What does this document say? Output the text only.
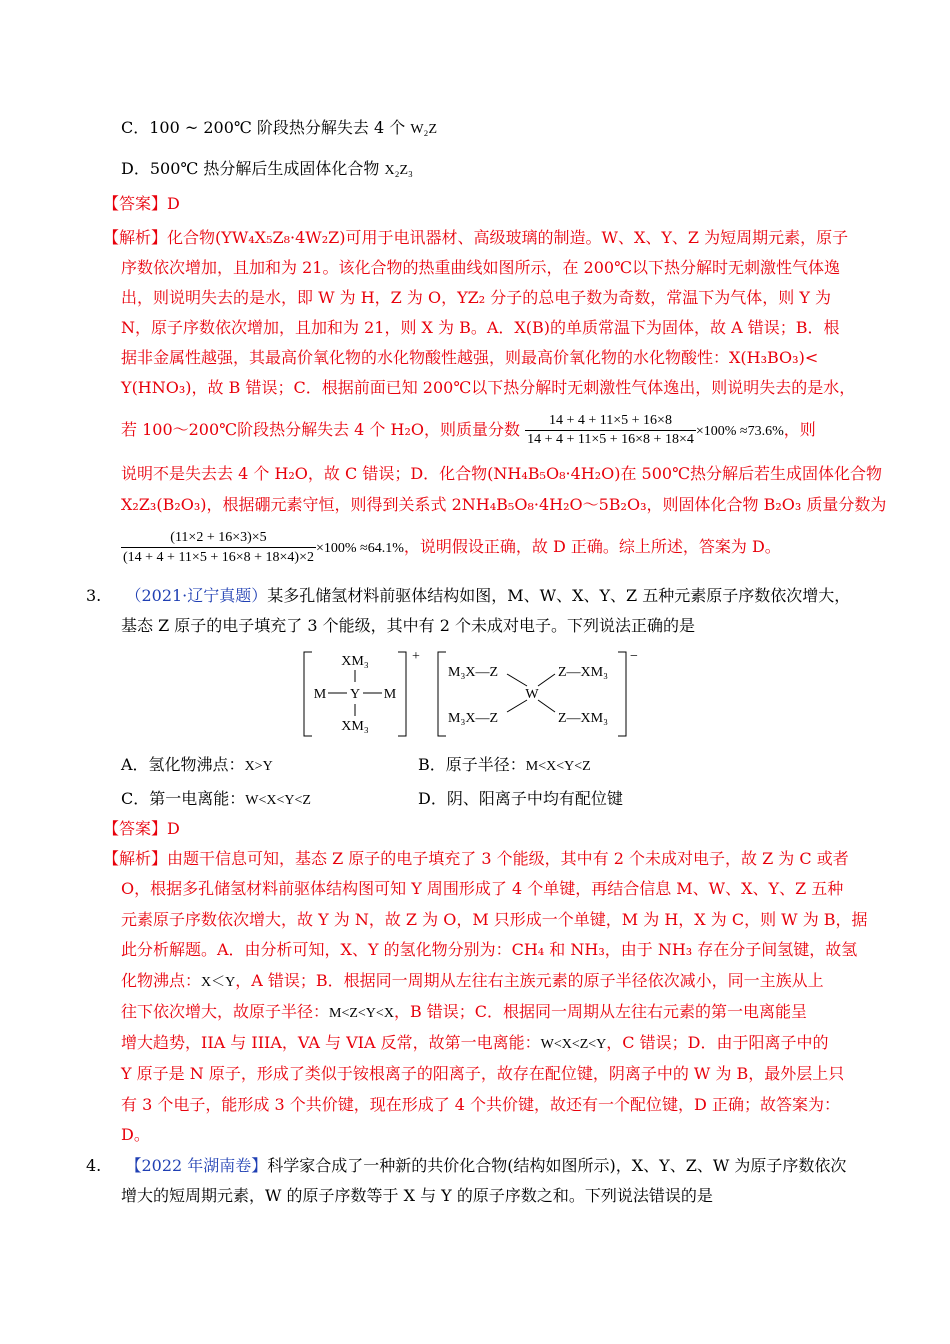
C．100 ~ 200℃ 阶段热分解失去 4 个 W₂Z
D．500℃ 热分解后生成固体化合物 X₂Z₃
【答案】D
【解析】化合物(YW₄X₅Z₈·4W₂Z)可用于电讯器材、高级玻璃的制造。W、X、Y、Z 为短周期元素，原子
序数依次增加，且加和为 21。该化合物的热重曲线如图所示，在 200℃以下热分解时无刺激性气体逸
出，则说明失去的是水，即 W 为 H，Z 为 O，YZ₂ 分子的总电子数为奇数，常温下为气体，则 Y 为
N，原子序数依次增加，且加和为 21，则 X 为 B。A．X(B)的单质常温下为固体，故 A 错误；B．根
据非金属性越强，其最高价氧化物的水化物酸性越强，则最高价氧化物的水化物酸性：X(H₃BO₃)<
Y(HNO₃)，故 B 错误；C．根据前面已知 200℃以下热分解时无刺激性气体逸出，则说明失去的是水，
若 100～200℃阶段热分解失去 4 个 H₂O，则质量分数 $\frac{14 + 4 + 11\times 5 + 16\times 8}{14 + 4 + 11\times 5 + 16\times 8 + 18\times 4} \times 100\% \approx 73.6\%$，则
说明不是失去去 4 个 H₂O，故 C 错误；D．化合物(NH₄B₅O₈·4H₂O)在 500℃热分解后若生成固体化合物
X₂Z₃(B₂O₃)，根据硼元素守恒，则得到关系式 2NH₄B₅O₈·4H₂O～5B₂O₃，则固体化合物 B₂O₃ 质量分数为
$\frac{(11\times 2 + 16\times 3)\times 5}{(14 + 4 + 11\times 5 + 16\times 8 + 18\times 4)\times 2} \times 100\% \approx 64.1\%$，说明假设正确，故 D 正确。综上所述，答案为 D。
3. （2021·辽宁真题）某多孔储氢材料前驱体结构如图，M、W、X、Y、Z 五种元素原子序数依次增大，
基态 Z 原子的电子填充了 3 个能级，其中有 2 个未成对电子。下列说法正确的是
XM₃
M Y M
XM₃
+
M₃X—Z	Z—XM₃
W
M₃X—Z	Z—XM₃
−
A．氢化物沸点：X>Y	B．原子半径：M<X<Y<Z
C．第一电离能：W<X<Y<Z	D．阴、阳离子中均有配位键
【答案】D
【解析】由题干信息可知，基态 Z 原子的电子填充了 3 个能级，其中有 2 个未成对电子，故 Z 为 C 或者
O，根据多孔储氢材料前驱体结构图可知 Y 周围形成了 4 个单键，再结合信息 M、W、X、Y、Z 五种
元素原子序数依次增大，故 Y 为 N，故 Z 为 O，M 只形成一个单键，M 为 H，X 为 C，则 W 为 B，据
此分析解题。A．由分析可知，X、Y 的氢化物分别为：CH₄ 和 NH₃，由于 NH₃ 存在分子间氢键，故氢
化物沸点：X＜Y，A 错误；B．根据同一周期从左往右主族元素的原子半径依次减小，同一主族从上
往下依次增大，故原子半径：M<Z<Y<X，B 错误；C．根据同一周期从左往右元素的第一电离能呈
增大趋势，IIA 与 IIIA，VA 与 VIA 反常，故第一电离能：W<X<Z<Y，C 错误；D．由于阳离子中的
Y 原子是 N 原子，形成了类似于铵根离子的阳离子，故存在配位键，阴离子中的 W 为 B，最外层上只
有 3 个电子，能形成 3 个共价键，现在形成了 4 个共价键，故还有一个配位键，D 正确；故答案为：
D。
4. 【2022 年湖南卷】科学家合成了一种新的共价化合物(结构如图所示)，X、Y、Z、W 为原子序数依次
增大的短周期元素，W 的原子序数等于 X 与 Y 的原子序数之和。下列说法错误的是
